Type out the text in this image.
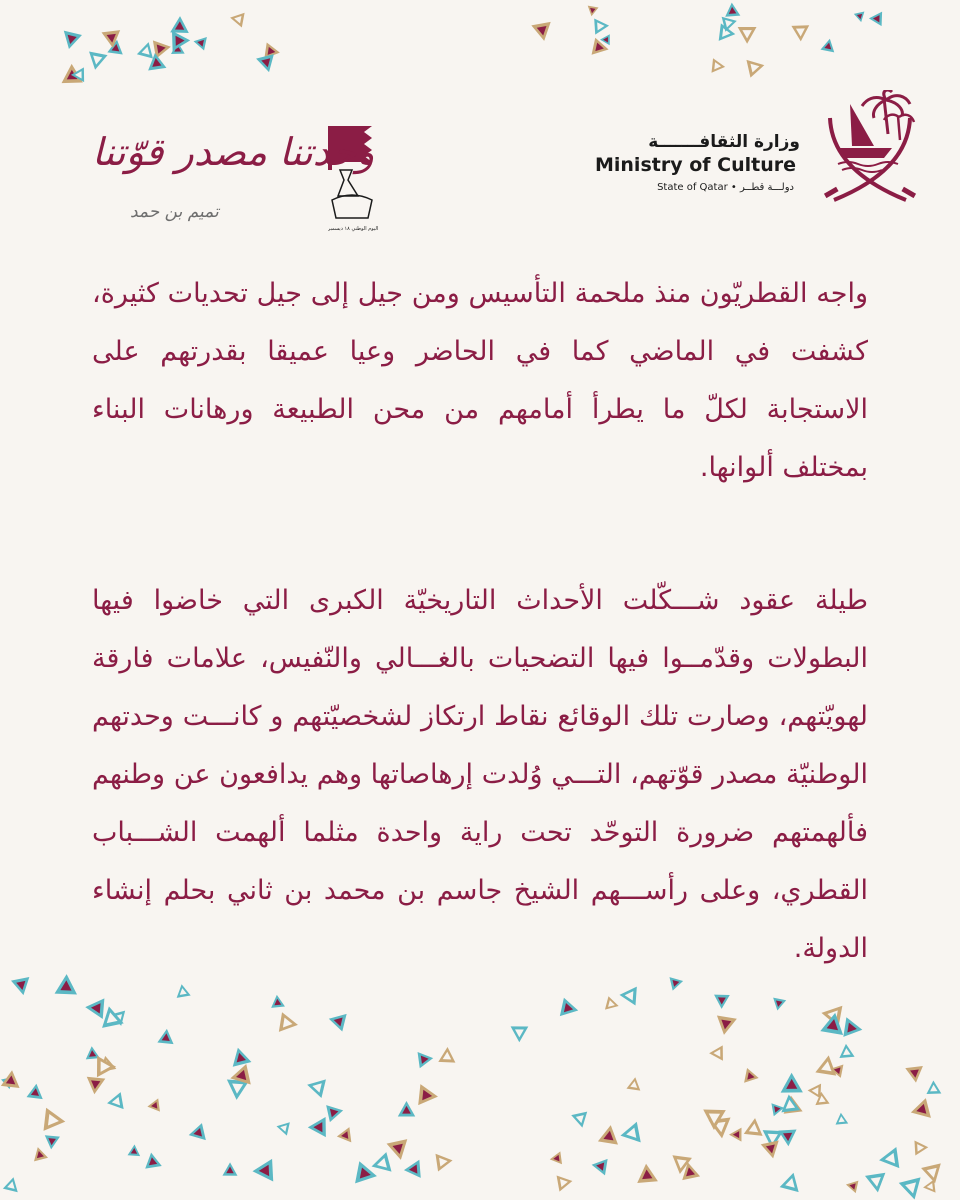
وزارة الثقافـــــــة
Ministry of Culture
State of Qatar • دولـــة قطــر
اليوم الوطني ١٨ ديسمبر
وحدتنا مصدر قوّتنا
تميم بن حمد
واجه القطريّون منذ ملحمة التأسيس ومن جيل إلى جيل تحديات كثيرة، كشفت في الماضي كما في الحاضر وعيا عميقا بقدرتهم على الاستجابة لكلّ ما يطرأ أمامهم من محن الطبيعة ورهانات البناء بمختلف ألوانها.
طيلة عقود شـــكّلت الأحداث التاريخيّة الكبرى التي خاضوا فيها البطولات وقدّمــوا فيها التضحيات بالغـــالي والنّفيس، علامات فارقة لهويّتهم، وصارت تلك الوقائع نقاط ارتكاز لشخصيّتهم و كانـــت وحدتهم الوطنيّة مصدر قوّتهم، التـــي وُلدت إرهاصاتها وهم يدافعون عن وطنهم فألهمتهم ضرورة التوحّد تحت راية واحدة مثلما ألهمت الشـــباب القطري، وعلى رأســـهم الشيخ جاسم بن محمد بن ثاني بحلم إنشاء الدولة.
